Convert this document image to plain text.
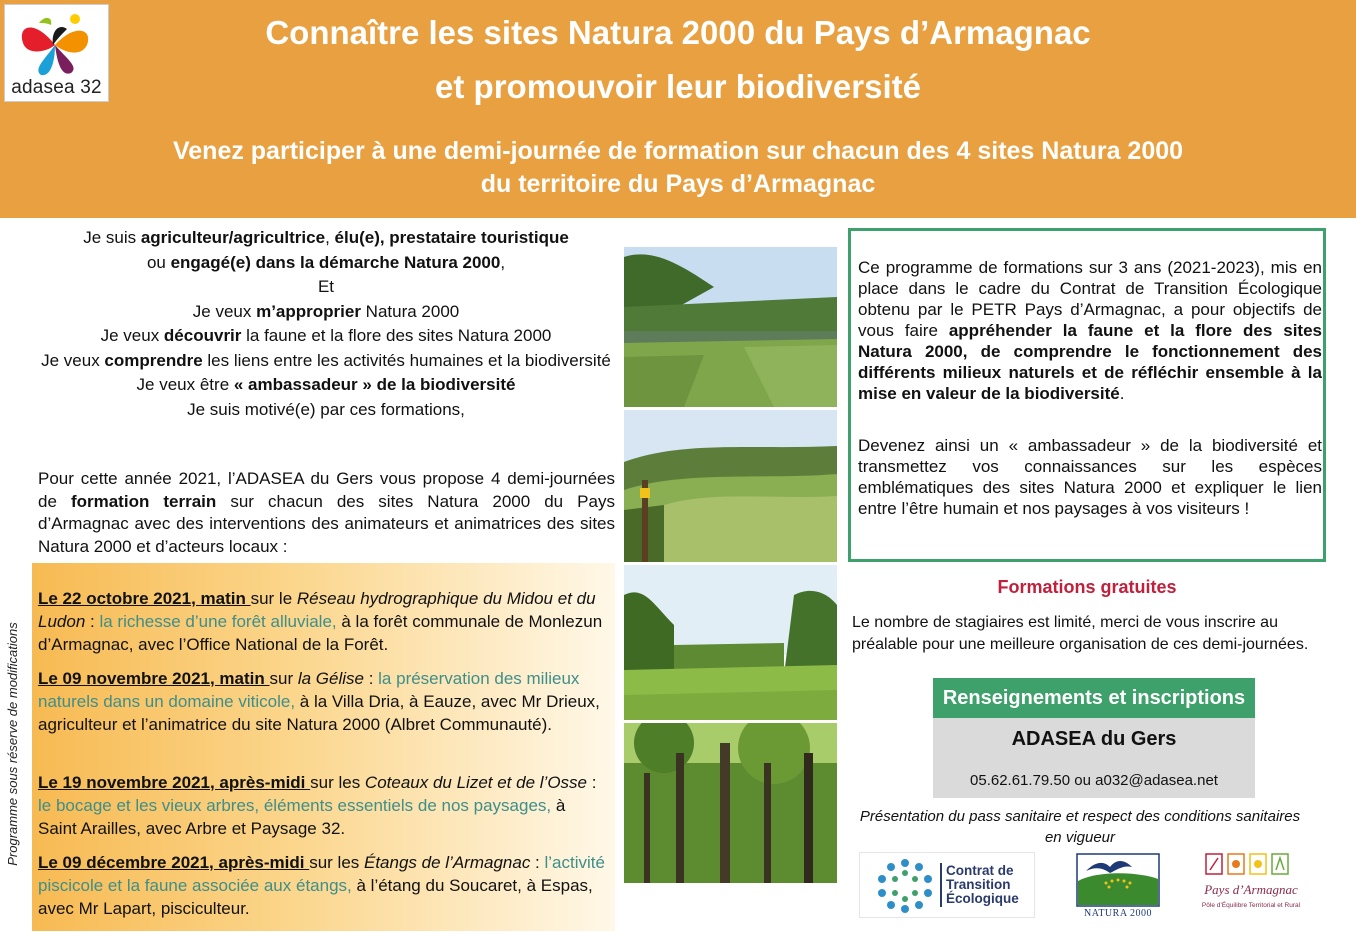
adasea 32
Connaître les sites Natura 2000 du Pays d’Armagnac
et promouvoir leur biodiversité
Venez participer à une demi-journée de formation sur chacun des 4 sites Natura 2000
du territoire du Pays d’Armagnac

Je suis agriculteur/agricultrice, élu(e), prestataire touristique

ou engagé(e) dans la démarche Natura 2000,

Et

Je veux m’approprier Natura 2000

Je veux découvrir la faune et la flore des sites Natura 2000

Je veux comprendre les liens entre les activités humaines et la biodiversité

Je veux être « ambassadeur » de la biodiversité

Je suis motivé(e) par ces formations,

Pour cette année 2021, l’ADASEA du Gers vous propose 4 demi-journées de formation terrain sur chacun des sites Natura 2000 du Pays d’Armagnac avec des interventions des animateurs et animatrices des sites Natura 2000 et d’acteurs locaux :
Le 22 octobre 2021, matin sur le Réseau hydrographique du Midou et du Ludon : la richesse d’une forêt alluviale, à la forêt communale de Monlezun d’Armagnac, avec l’Office National de la Forêt.
Le 09 novembre 2021, matin sur la Gélise : la préservation des milieux naturels dans un domaine viticole, à la Villa Dria, à Eauze, avec Mr Drieux, agriculteur et l’animatrice du site Natura 2000 (Albret Communauté).
Le 19 novembre 2021, après-midi sur les Coteaux du Lizet et de l’Osse : le bocage et les vieux arbres, éléments essentiels de nos paysages, à Saint Arailles, avec Arbre et Paysage 32.
Le 09 décembre 2021, après-midi sur les Étangs de l’Armagnac : l’activité piscicole et la faune associée aux étangs, à l’étang du Soucaret, à Espas, avec Mr Lapart, pisciculteur.
Programme sous réserve de modifications

Ce programme de formations sur 3 ans (2021-2023), mis en place dans le cadre du Contrat de Transition Écologique obtenu par le PETR Pays d’Armagnac, a pour objectifs de vous faire appréhender la faune et la flore des sites Natura 2000, de comprendre le fonctionnement des différents milieux naturels et de réfléchir ensemble à la mise en valeur de la biodiversité.

Devenez ainsi un « ambassadeur » de la biodiversité et transmettez vos connaissances sur les espèces emblématiques des sites Natura 2000 et expliquer le lien entre l’être humain et nos paysages à vos visiteurs !

Formations gratuites
Le nombre de stagiaires est limité, merci de vous inscrire au préalable pour une meilleure organisation de ces demi-journées.
Renseignements et inscriptions
ADASEA du Gers
05.62.61.79.50 ou a032@adasea.net
Présentation du pass sanitaire et respect des conditions sanitaires en vigueur
Contrat de
Transition
Écologique
NATURA 2000
Pays d’Armagnac
Pôle d’Équilibre Territorial et Rural
